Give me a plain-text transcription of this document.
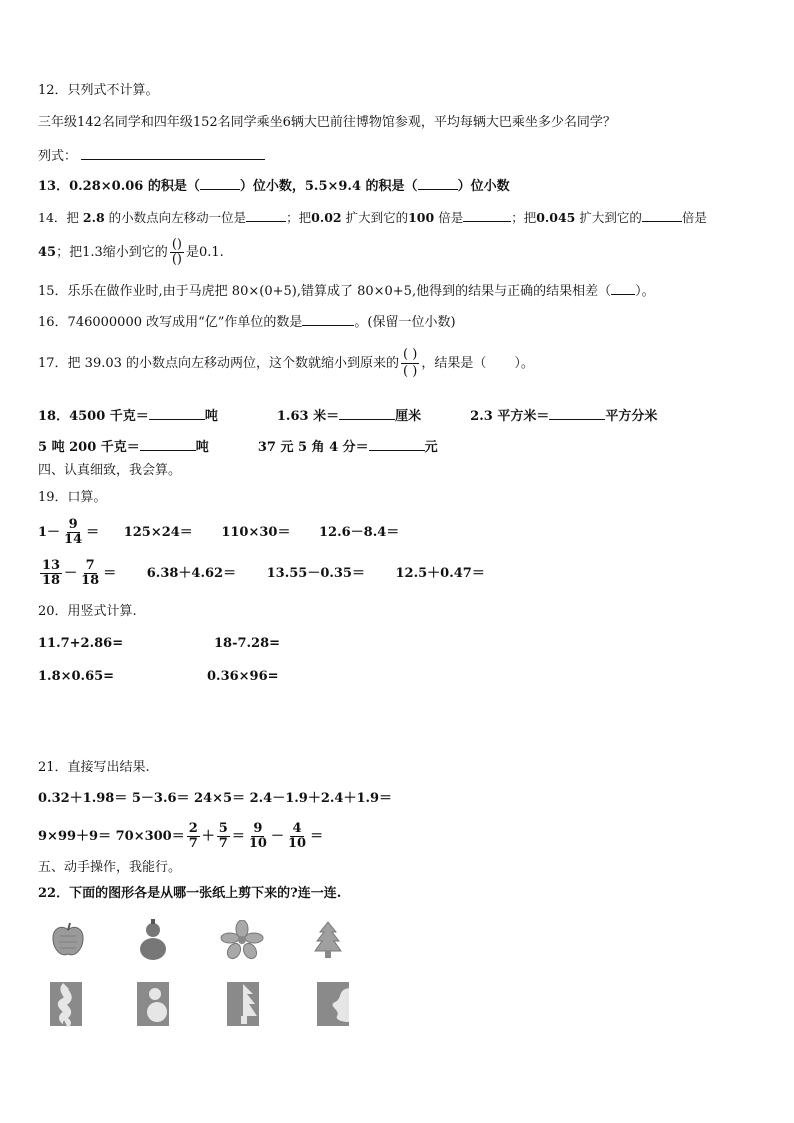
12．只列式不计算。
三年级142名同学和四年级152名同学乘坐6辆大巴前往博物馆参观，平均每辆大巴乘坐多少名同学？
列式：
13．0.28×0.06 的积是（	）位小数，5.5×9.4 的积是（	）位小数
14．把 2.8 的小数点向左移动一位是	；把0.02 扩大到它的100 倍是	；把0.045 扩大到它的	倍是
45；把1.3缩小到它的 $\frac{()}{()}$ 是0.1.
15．乐乐在做作业时,由于马虎把 80×(0+5),错算成了 80×0+5,他得到的结果与正确的结果相差（ ）。
16．746000000 改写成用“亿”作单位的数是	。(保留一位小数)
17．把 39.03 的小数点向左移动两位，这个数就缩小到原来的 $\frac{( )}{( )}$ ，结果是（ ）。
18．4500 千克＝	吨	1.63 米＝	厘米	2.3 平方米＝	平方分米
5 吨 200 千克＝	吨	37 元 5 角 4 分＝	元
四、认真细致，我会算。
19．口算。
$1- \frac{9}{14} = 125\times 24= 110\times 30= 12.6-8.4=$
$\frac{13}{18} - \frac{7}{18} = 6.38+4.62= 13.55-0.35= 12.5+0.47=$
20．用竖式计算.
11.7+2.86=	18-7.28=
1.8×0.65=	0.36×96=
21．直接写出结果.
0.32＋1.98＝ 5－3.6＝ 24×5＝ 2.4－1.9＋2.4＋1.9＝
$9\times 99+9= 70\times 300= \frac{2}{7} + \frac{5}{7} = \frac{9}{10} - \frac{4}{10}$ ＝
五、动手操作，我能行。
22．下面的图形各是从哪一张纸上剪下来的?连一连.
